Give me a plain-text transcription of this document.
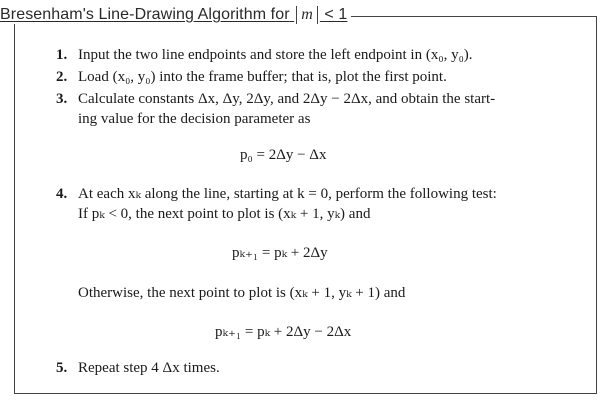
Bresenham's Line-Drawing Algorithm for m < 1
1. Input the two line endpoints and store the left endpoint in (x₀, y₀).
2. Load (x₀, y₀) into the frame buffer; that is, plot the first point.
3. Calculate constants Δx, Δy, 2Δy, and 2Δy − 2Δx, and obtain the start-
ing value for the decision parameter as
p₀ = 2Δy − Δx
4. At each xₖ along the line, starting at k = 0, perform the following test:
If pₖ < 0, the next point to plot is (xₖ + 1, yₖ) and
pₖ₊₁ = pₖ + 2Δy
Otherwise, the next point to plot is (xₖ + 1, yₖ + 1) and
pₖ₊₁ = pₖ + 2Δy − 2Δx
5. Repeat step 4 Δx times.
